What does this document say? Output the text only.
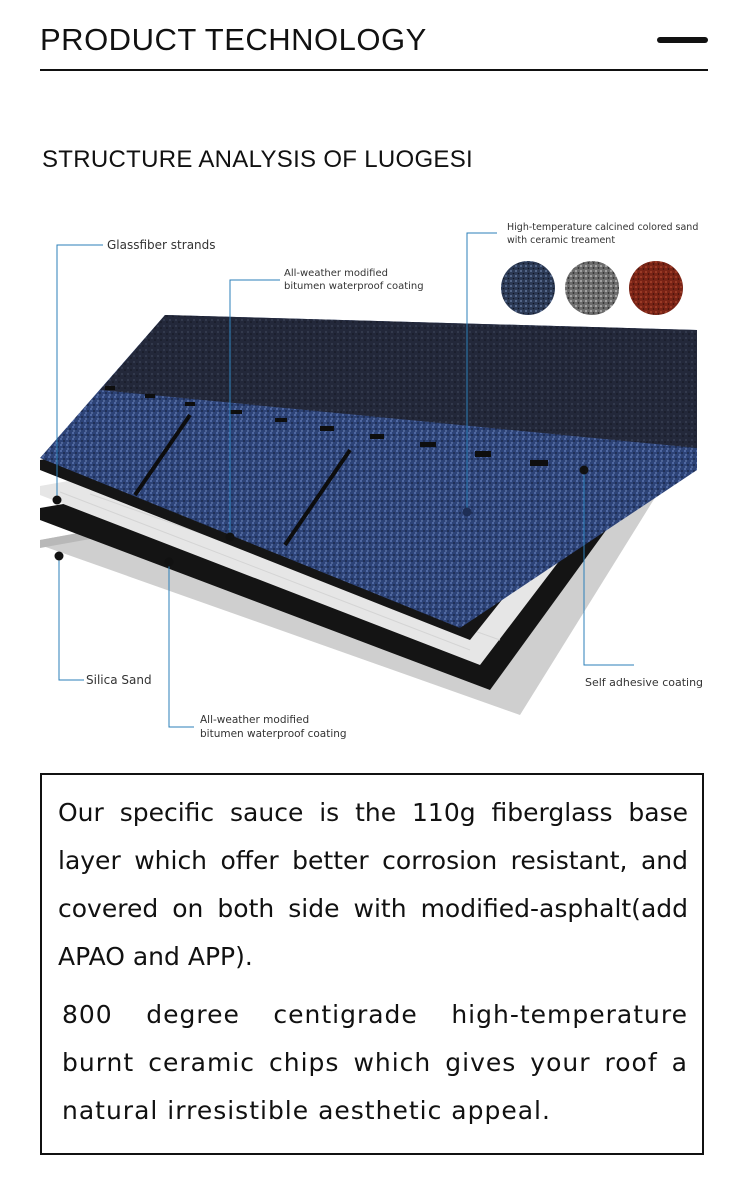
PRODUCT TECHNOLOGY
STRUCTURE ANALYSIS OF LUOGESI
Glassfiber strands
All-weather modified
bitumen waterproof coating
High-temperature calcined colored sand
with ceramic treament
Silica Sand
All-weather modified
bitumen waterproof coating
Self adhesive coating

Our specific sauce is the 110g fiberglass base layer which offer better corrosion resistant, and covered on both side with modified-asphalt(add APAO and APP).

800 degree centigrade high-temperature burnt ceramic chips which gives your roof a natural irresistible aesthetic appeal.
